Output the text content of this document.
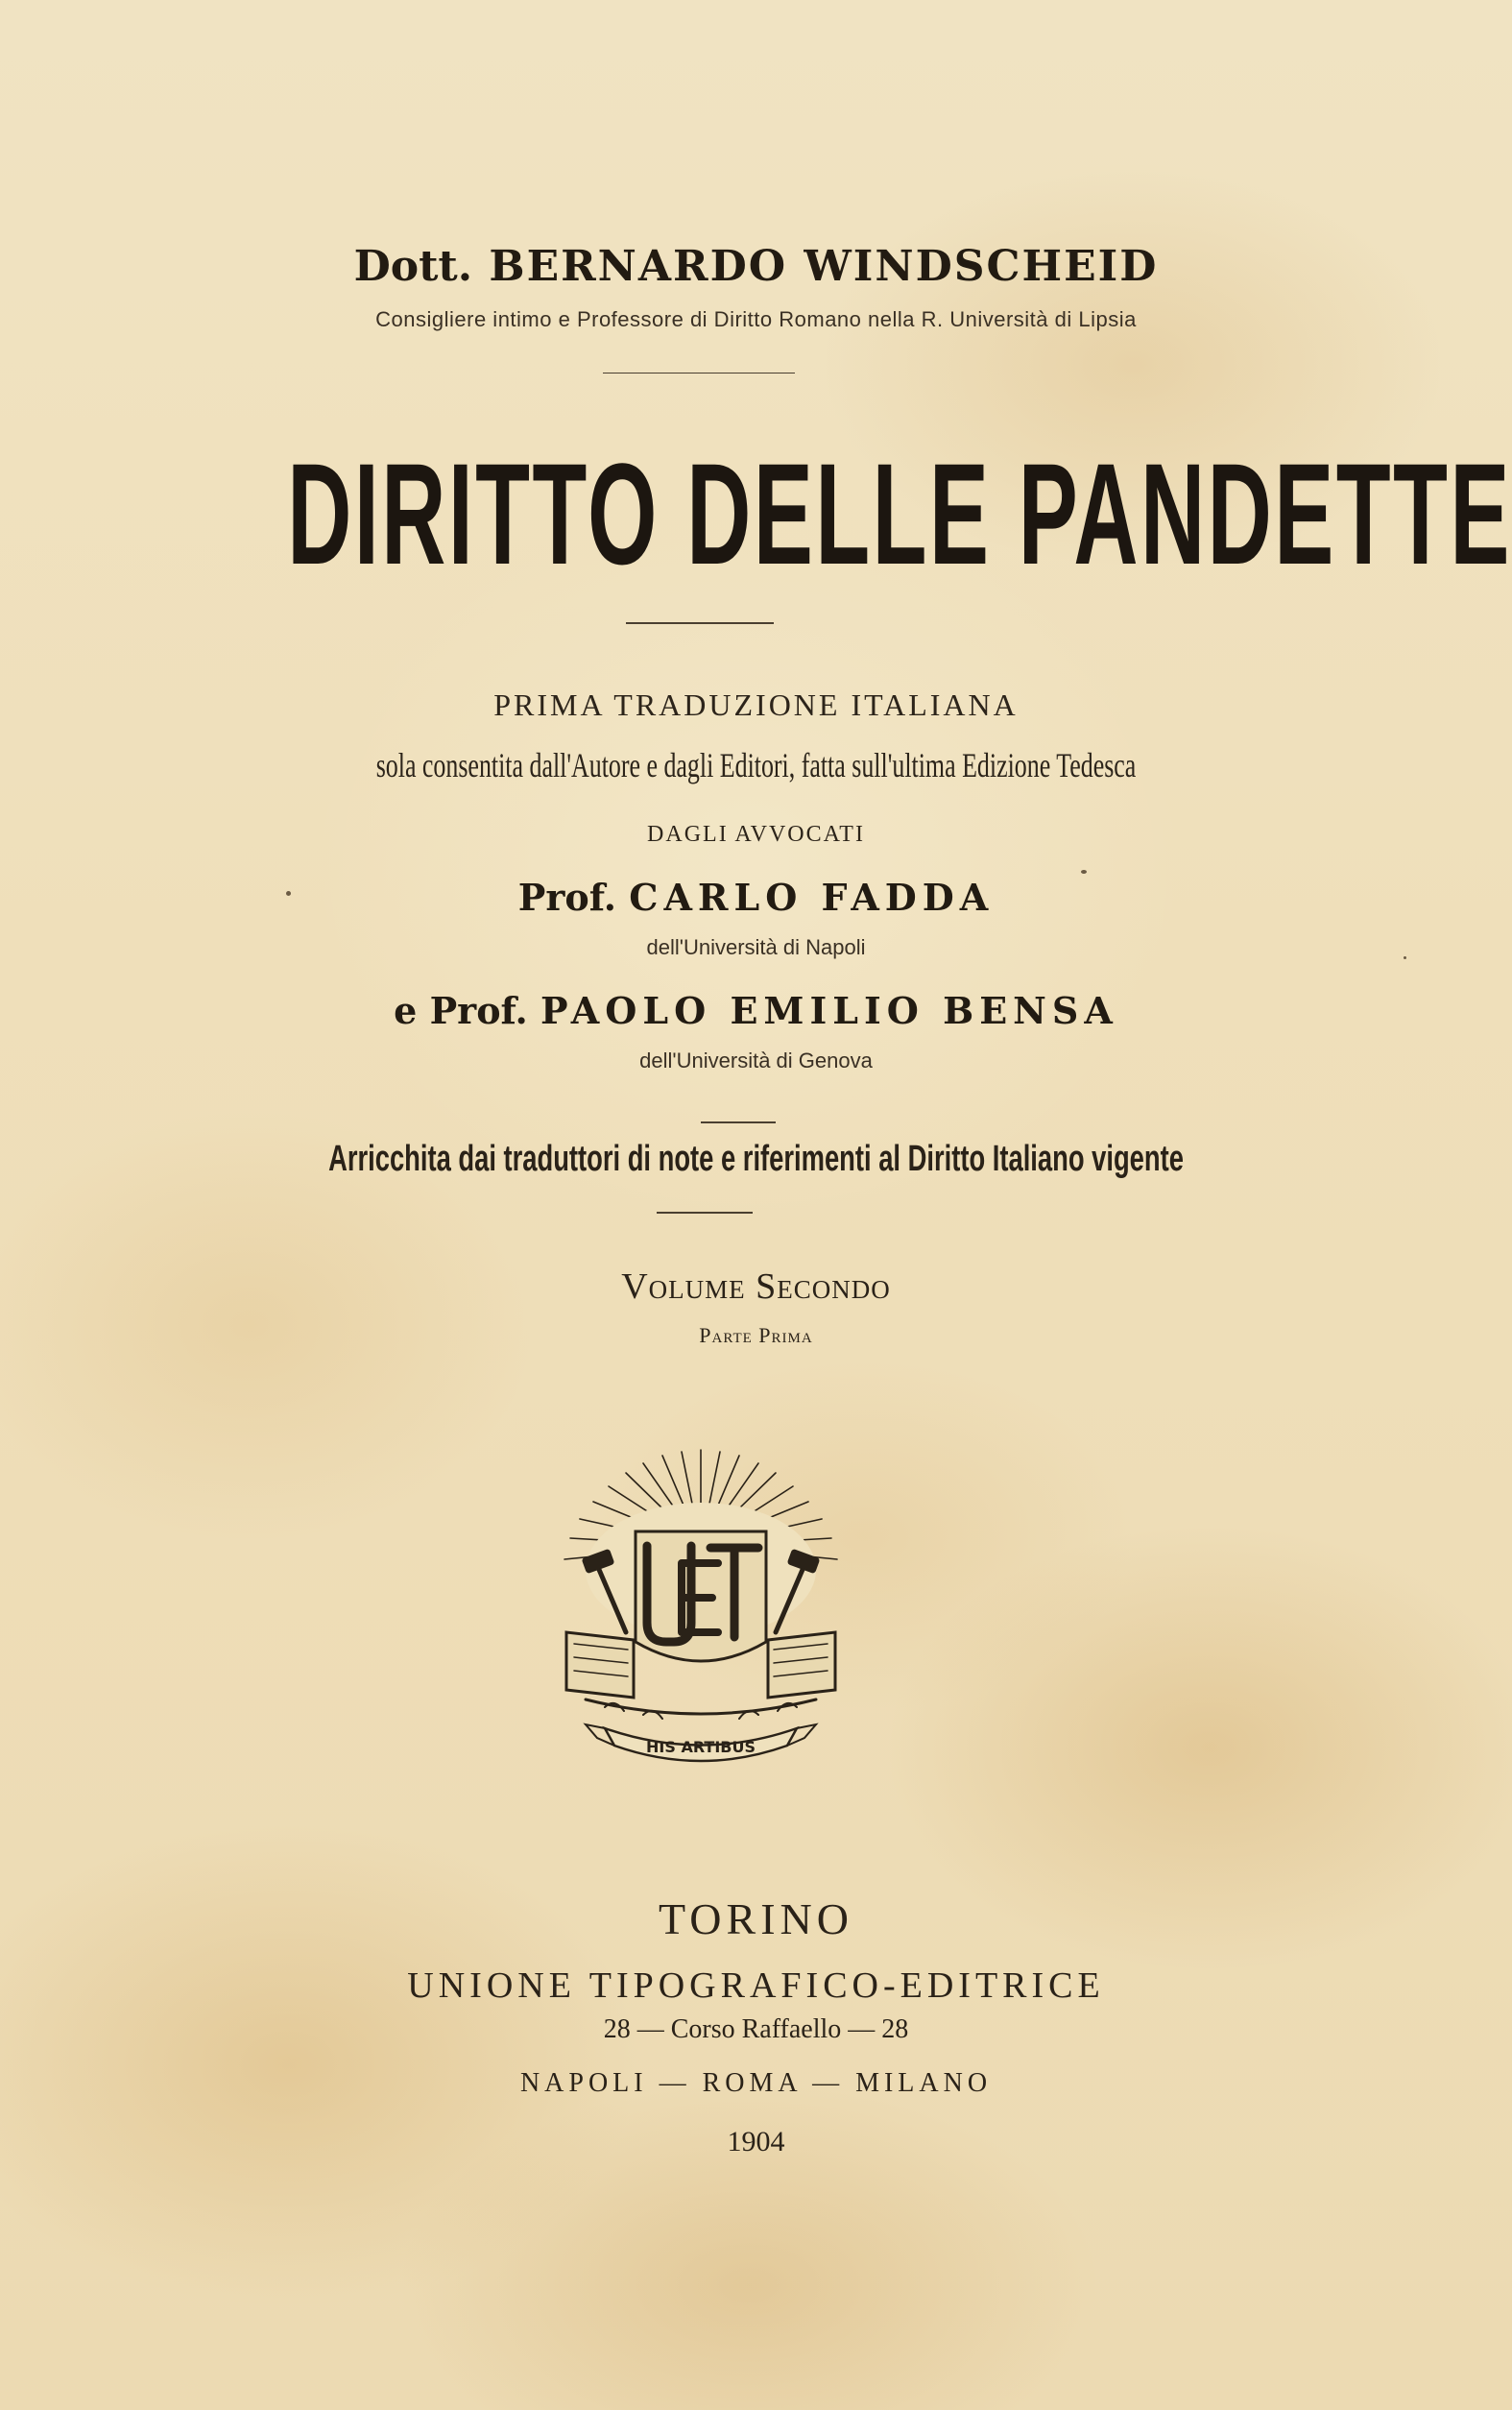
Dott. BERNARDO WINDSCHEID
Consigliere intimo e Professore di Diritto Romano nella R. Università di Lipsia
DIRITTO DELLE PANDETTE
PRIMA TRADUZIONE ITALIANA
sola consentita dall'Autore e dagli Editori, fatta sull'ultima Edizione Tedesca
DAGLI AVVOCATI
Prof. CARLO FADDA
dell'Università di Napoli
e Prof. PAOLO EMILIO BENSA
dell'Università di Genova
Arricchita dai traduttori di note e riferimenti al Diritto Italiano vigente
Volume Secondo
Parte Prima
HIS ARTIBUS
TORINO
UNIONE TIPOGRAFICO-EDITRICE
28 — Corso Raffaello — 28
NAPOLI — ROMA — MILANO
1904
